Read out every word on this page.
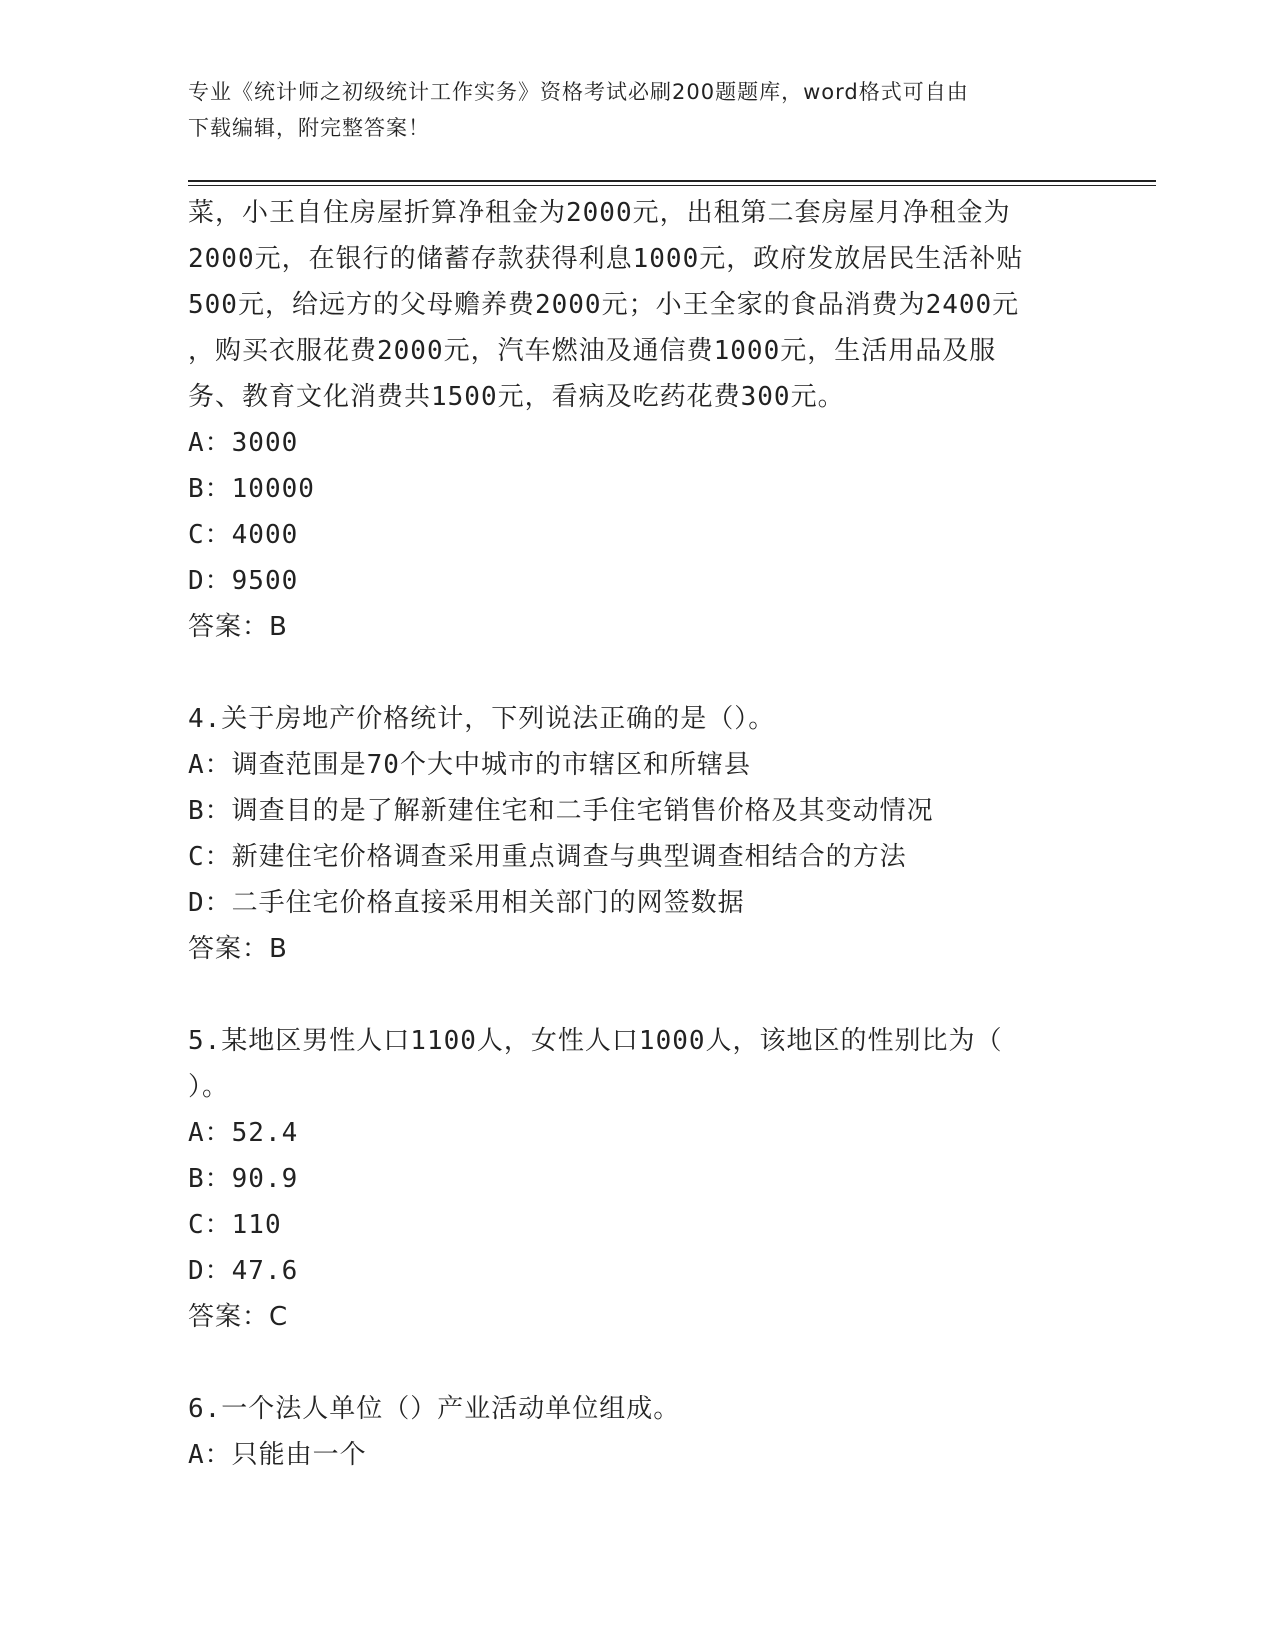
专业《统计师之初级统计工作实务》资格考试必刷200题题库，word格式可自由
下载编辑，附完整答案！
菜，小王自住房屋折算净租金为2000元，出租第二套房屋月净租金为
2000元，在银行的储蓄存款获得利息1000元，政府发放居民生活补贴
500元，给远方的父母赡养费2000元；小王全家的食品消费为2400元
，购买衣服花费2000元，汽车燃油及通信费1000元，生活用品及服
务、教育文化消费共1500元，看病及吃药花费300元。
A：3000
B：10000
C：4000
D：9500
答案：B
4.关于房地产价格统计，下列说法正确的是（）。
A：调查范围是70个大中城市的市辖区和所辖县
B：调查目的是了解新建住宅和二手住宅销售价格及其变动情况
C：新建住宅价格调查采用重点调查与典型调查相结合的方法
D：二手住宅价格直接采用相关部门的网签数据
答案：B
5.某地区男性人口1100人，女性人口1000人，该地区的性别比为（
）。
A：52.4
B：90.9
C：110
D：47.6
答案：C
6.一个法人单位（）产业活动单位组成。
A：只能由一个
